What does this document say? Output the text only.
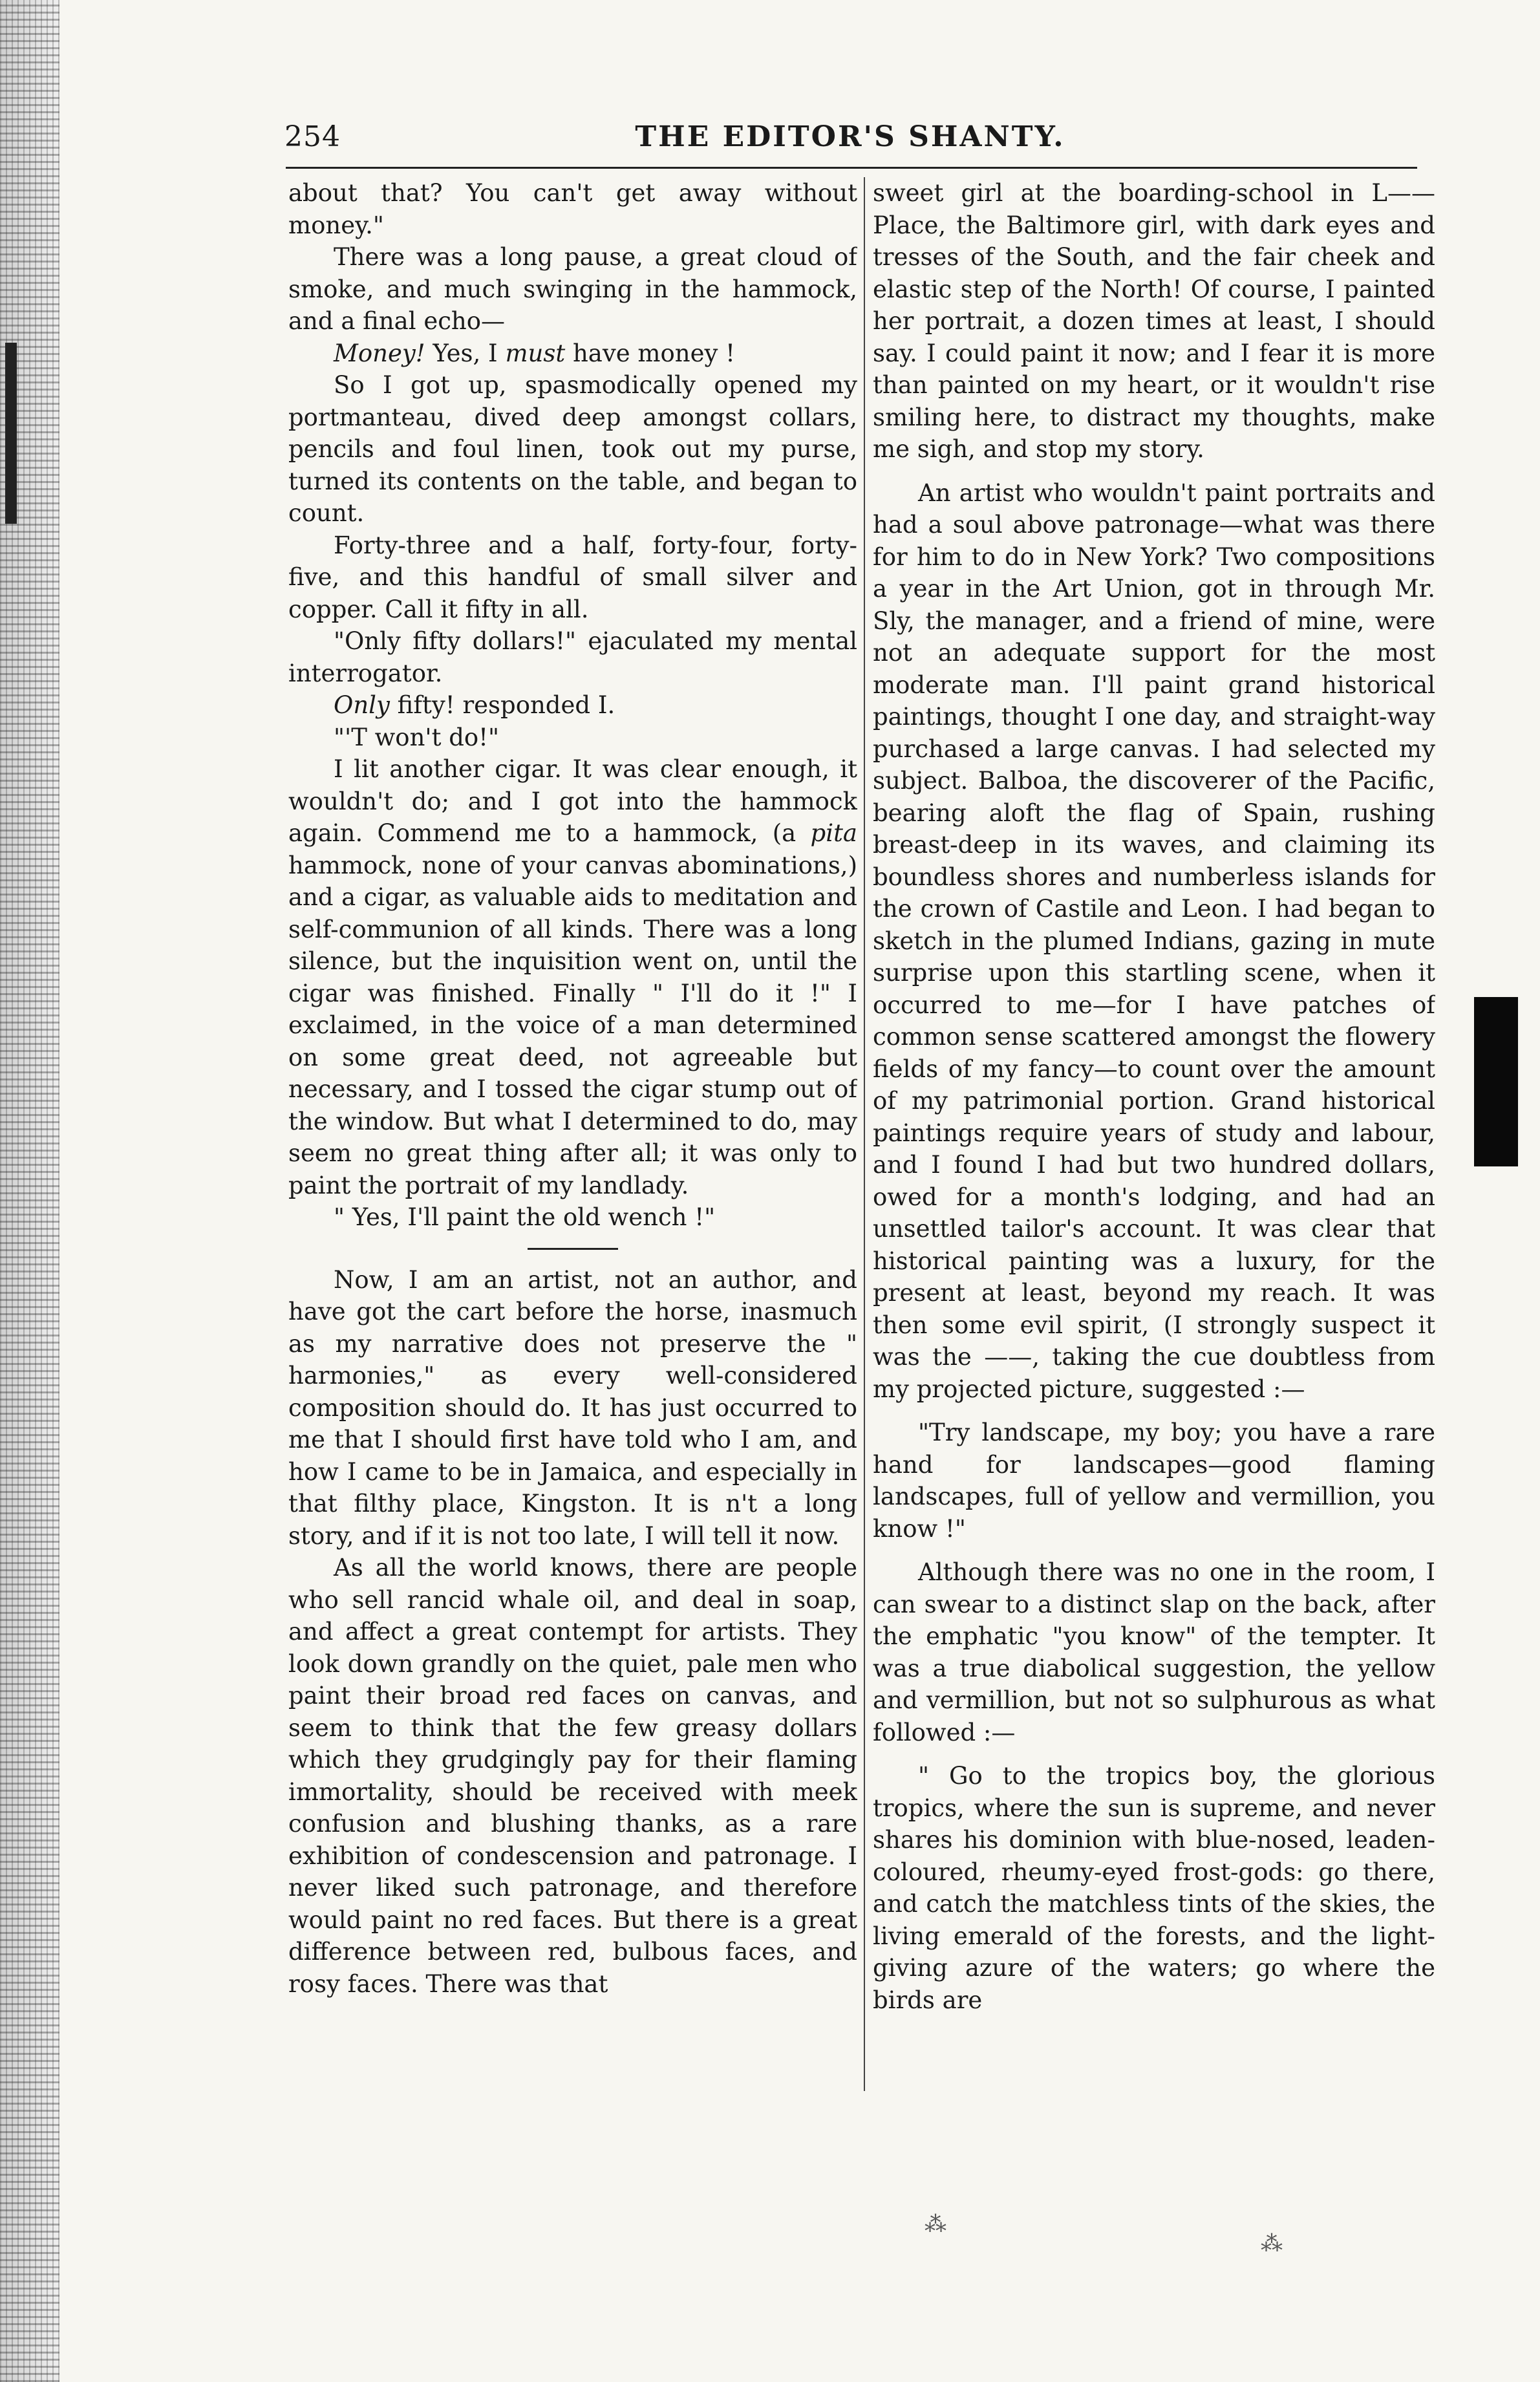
254	THE EDITOR'S SHANTY.

about that? You can't get away without money."

There was a long pause, a great cloud of smoke, and much swinging in the hammock, and a final echo—

Money! Yes, I must have money !

So I got up, spasmodically opened my portmanteau, dived deep amongst collars, pencils and foul linen, took out my purse, turned its contents on the table, and began to count.

Forty-three and a half, forty-four, forty-five, and this handful of small silver and copper. Call it fifty in all.

"Only fifty dollars!" ejaculated my mental interrogator.

Only fifty! responded I.

"'T won't do!"

I lit another cigar. It was clear enough, it wouldn't do; and I got into the hammock again. Commend me to a hammock, (a pita hammock, none of your canvas abominations,) and a cigar, as valuable aids to meditation and self-communion of all kinds. There was a long silence, but the inquisition went on, until the cigar was finished. Finally " I'll do it !" I exclaimed, in the voice of a man determined on some great deed, not agreeable but necessary, and I tossed the cigar stump out of the window. But what I determined to do, may seem no great thing after all; it was only to paint the portrait of my landlady.

" Yes, I'll paint the old wench !"

Now, I am an artist, not an author, and have got the cart before the horse, inasmuch as my narrative does not preserve the " harmonies," as every well-considered composition should do. It has just occurred to me that I should first have told who I am, and how I came to be in Jamaica, and especially in that filthy place, Kingston. It is n't a long story, and if it is not too late, I will tell it now.

As all the world knows, there are people who sell rancid whale oil, and deal in soap, and affect a great contempt for artists. They look down grandly on the quiet, pale men who paint their broad red faces on canvas, and seem to think that the few greasy dollars which they grudgingly pay for their flaming immortality, should be received with meek confusion and blushing thanks, as a rare exhibition of condescension and patronage. I never liked such patronage, and therefore would paint no red faces. But there is a great difference between red, bulbous faces, and rosy faces. There was that

sweet girl at the boarding-school in L—— Place, the Baltimore girl, with dark eyes and tresses of the South, and the fair cheek and elastic step of the North! Of course, I painted her portrait, a dozen times at least, I should say. I could paint it now; and I fear it is more than painted on my heart, or it wouldn't rise smiling here, to distract my thoughts, make me sigh, and stop my story.

An artist who wouldn't paint portraits and had a soul above patronage—what was there for him to do in New York? Two compositions a year in the Art Union, got in through Mr. Sly, the manager, and a friend of mine, were not an adequate support for the most moderate man. I'll paint grand historical paintings, thought I one day, and straight-way purchased a large canvas. I had selected my subject. Balboa, the discoverer of the Pacific, bearing aloft the flag of Spain, rushing breast-deep in its waves, and claiming its boundless shores and numberless islands for the crown of Castile and Leon. I had began to sketch in the plumed Indians, gazing in mute surprise upon this startling scene, when it occurred to me—for I have patches of common sense scattered amongst the flowery fields of my fancy—to count over the amount of my patrimonial portion. Grand historical paintings require years of study and labour, and I found I had but two hundred dollars, owed for a month's lodging, and had an unsettled tailor's account. It was clear that historical painting was a luxury, for the present at least, beyond my reach. It was then some evil spirit, (I strongly suspect it was the ——, taking the cue doubtless from my projected picture, suggested :—

"Try landscape, my boy; you have a rare hand for landscapes—good flaming landscapes, full of yellow and vermillion, you know !"

Although there was no one in the room, I can swear to a distinct slap on the back, after the emphatic "you know" of the tempter. It was a true diabolical suggestion, the yellow and vermillion, but not so sulphurous as what followed :—

" Go to the tropics boy, the glorious tropics, where the sun is supreme, and never shares his dominion with blue-nosed, leaden-coloured, rheumy-eyed frost-gods: go there, and catch the matchless tints of the skies, the living emerald of the forests, and the light-giving azure of the waters; go where the birds are

⁂
⁂
